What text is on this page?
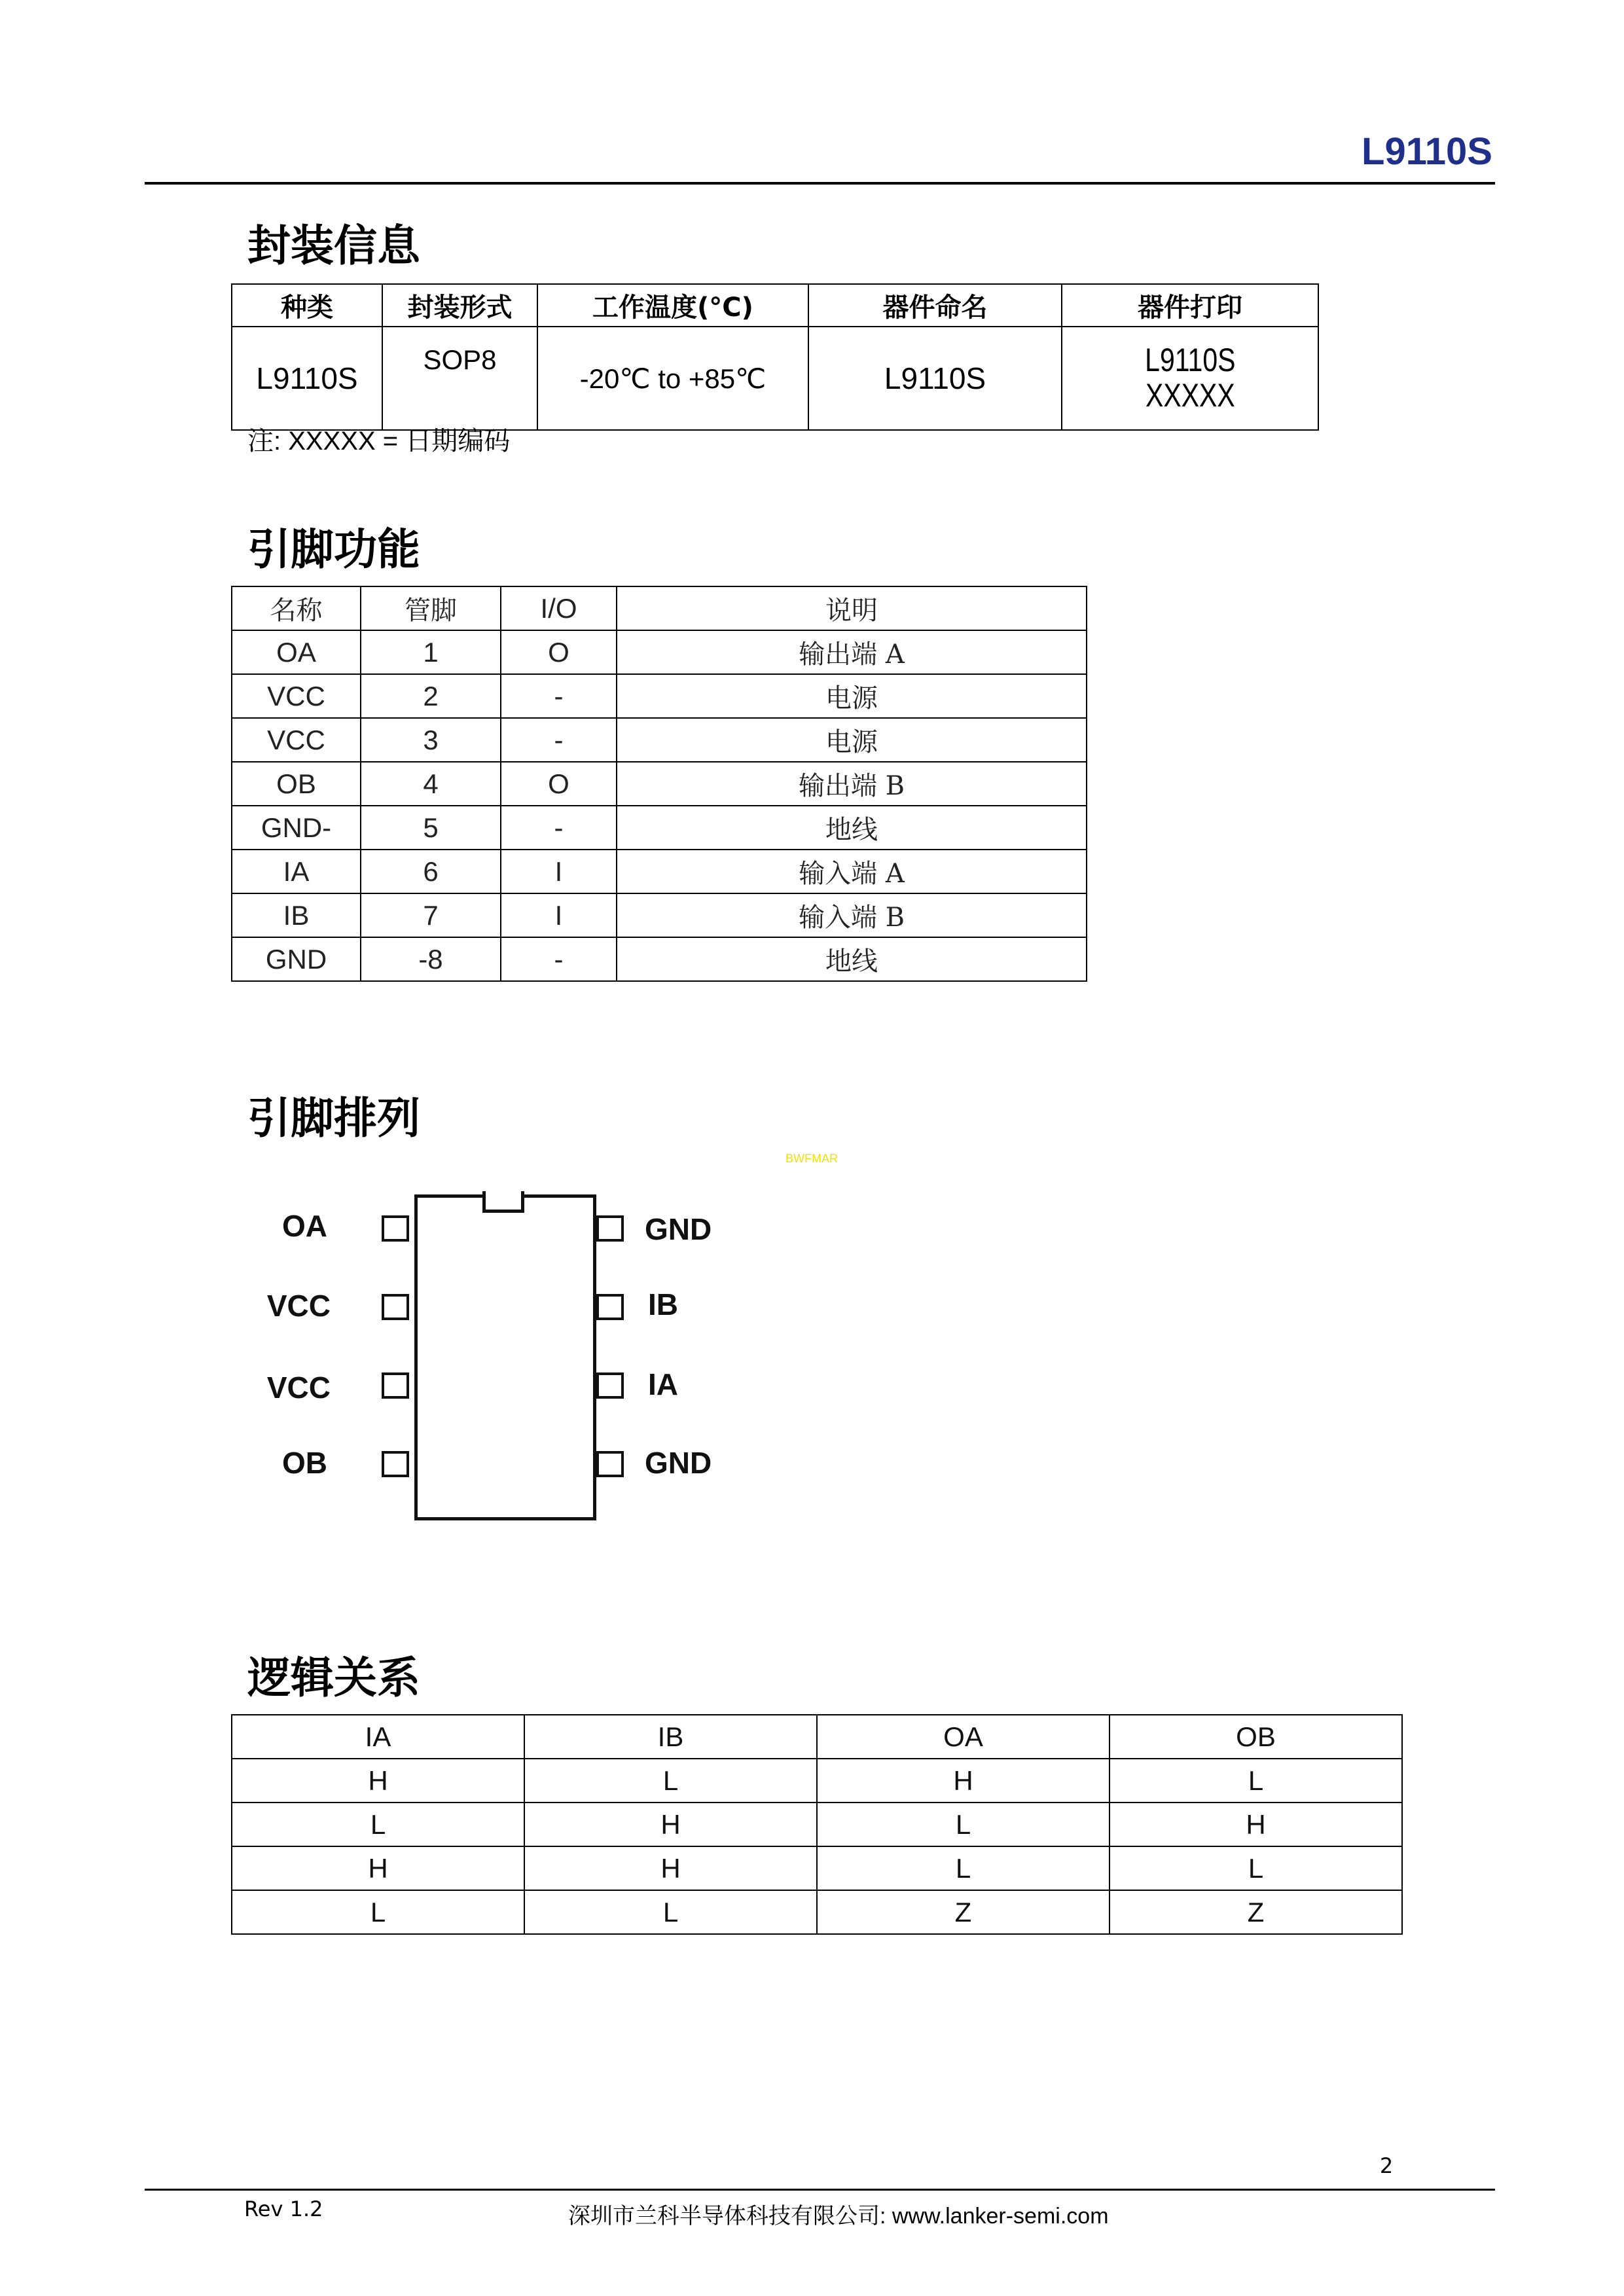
L9110S
封装信息
种类	封装形式	工作温度(°C)	器件命名	器件打印
L9110S	SOP8	-20℃ to +85℃	L9110S	L9110S
XXXXX
注: XXXXX = 日期编码
引脚功能
名称	管脚	I/O	说明
OA	1	O	输出端 A
VCC	2	-	电源
VCC	3	-	电源
OB	4	O	输出端 B
GND-	5	-	地线
IA	6	I	输入端 A
IB	7	I	输入端 B
GND	-8	-	地线
引脚排列
BWFMAR
OA
VCC
VCC
OB
GND
IB
IA
GND
逻辑关系
IA	IB	OA	OB
H	L	H	L
L	H	L	H
H	H	L	L
L	L	Z	Z
2
Rev 1.2	深圳市兰科半导体科技有限公司: www.lanker-semi.com
